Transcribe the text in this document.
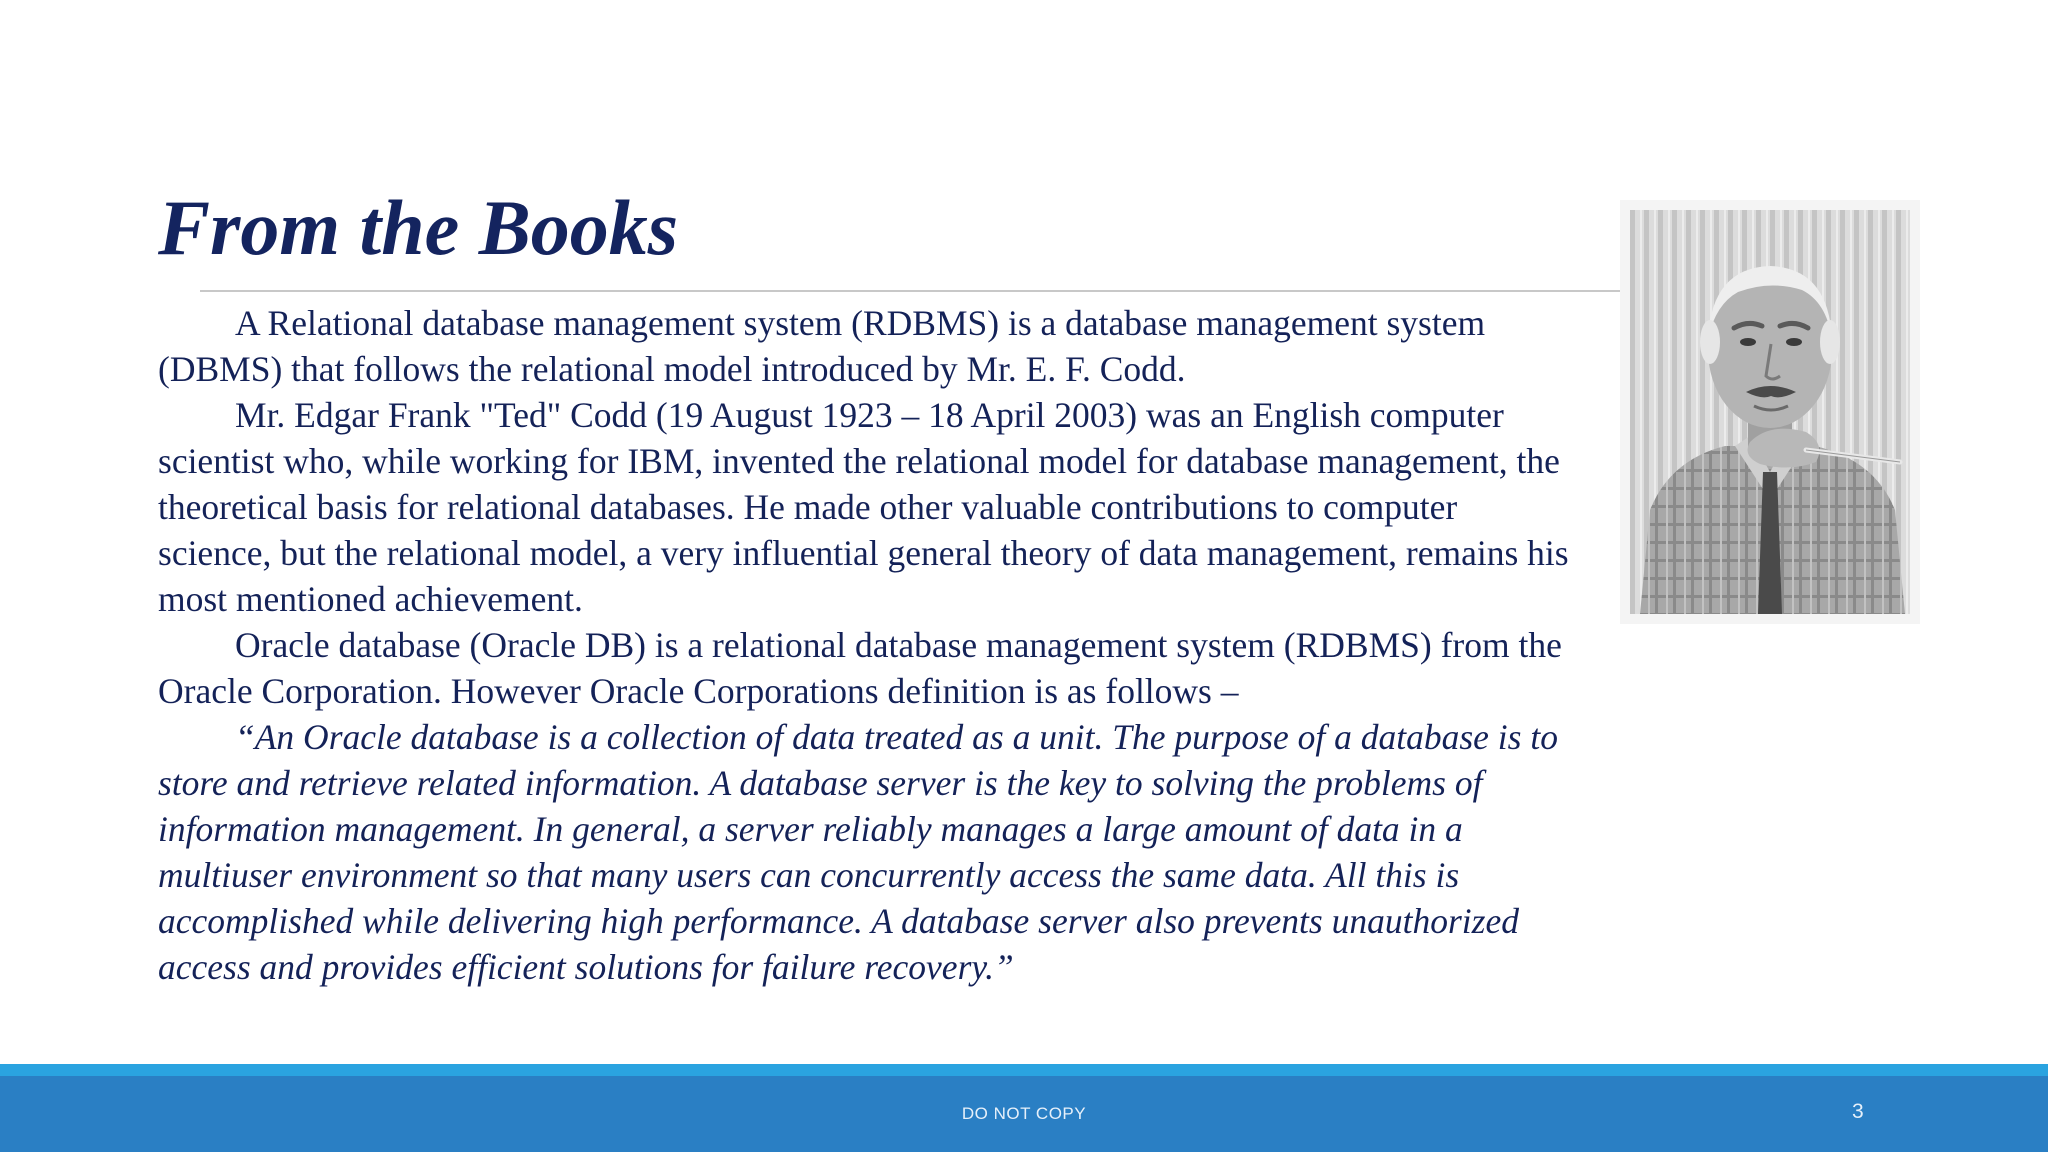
From the Books

A Relational database management system (RDBMS) is a database management system (DBMS) that follows the relational model introduced by Mr. E. F. Codd.

Mr. Edgar Frank "Ted" Codd (19 August 1923 – 18 April 2003) was an English computer scientist who, while working for IBM, invented the relational model for database management, the theoretical basis for relational databases. He made other valuable contributions to computer science, but the relational model, a very influential general theory of data management, remains his most mentioned achievement.

Oracle database (Oracle DB) is a relational database management system (RDBMS) from the Oracle Corporation. However Oracle Corporations definition is as follows –

“An Oracle database is a collection of data treated as a unit. The purpose of a database is to store and retrieve related information. A database server is the key to solving the problems of information management. In general, a server reliably manages a large amount of data in a multiuser environment so that many users can concurrently access the same data. All this is accomplished while delivering high performance. A database server also prevents unauthorized access and provides efficient solutions for failure recovery.”

DO NOT COPY	3
